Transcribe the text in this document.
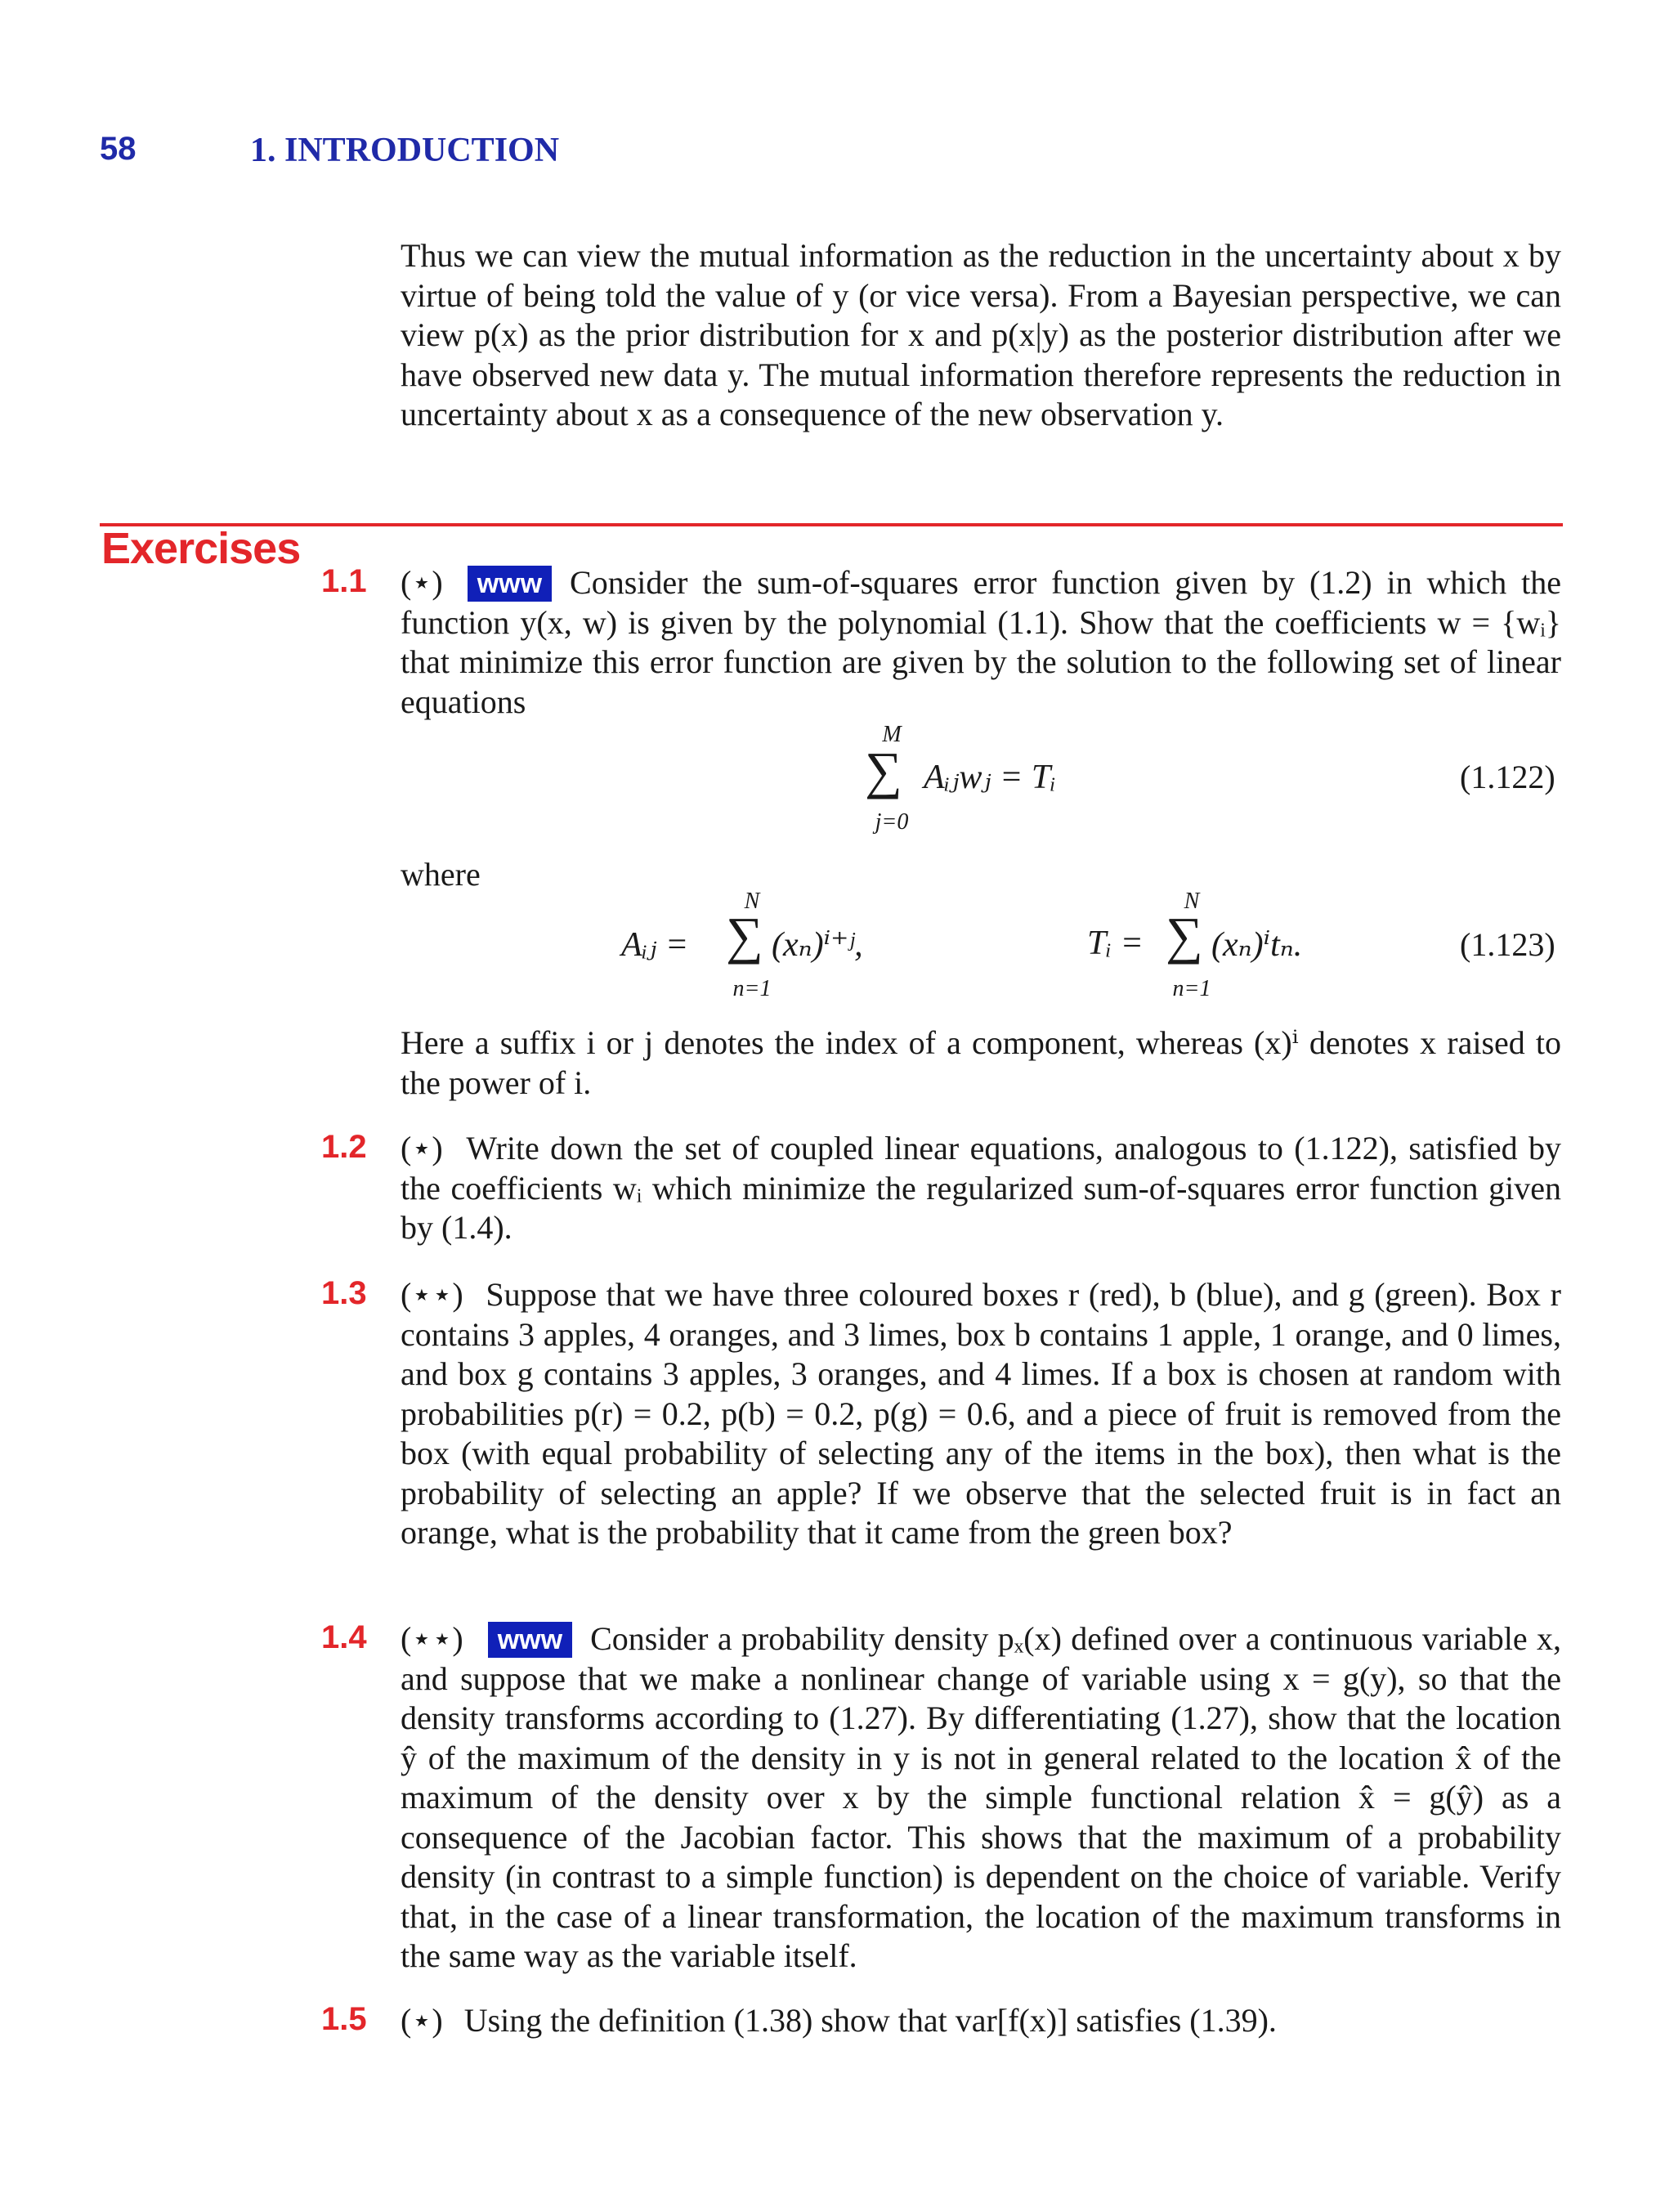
58	1. INTRODUCTION

Thus we can view the mutual information as the reduction in the uncertainty about x by virtue of being told the value of y (or vice versa). From a Bayesian perspective, we can view p(x) as the prior distribution for x and p(x|y) as the posterior distribution after we have observed new data y. The mutual information therefore represents the reduction in uncertainty about x as a consequence of the new observation y.

Exercises
1.1 (⋆) www Consider the sum-of-squares error function given by (1.2) in which the function y(x, w) is given by the polynomial (1.1). Show that the coefficients w = {wᵢ} that minimize this error function are given by the solution to the following set of linear equations

M
∑
j=0
Aᵢⱼwⱼ = Tᵢ	(1.122)
where
Aᵢⱼ =
N
∑
n=1
(xₙ)ⁱ⁺ʲ,	Tᵢ =
N
∑
n=1
(xₙ)ⁱtₙ.	(1.123)

Here a suffix i or j denotes the index of a component, whereas (x)ⁱ denotes x raised to the power of i.

1.2 (⋆) Write down the set of coupled linear equations, analogous to (1.122), satisfied by the coefficients wᵢ which minimize the regularized sum-of-squares error function given by (1.4).

1.3 (⋆⋆) Suppose that we have three coloured boxes r (red), b (blue), and g (green). Box r contains 3 apples, 4 oranges, and 3 limes, box b contains 1 apple, 1 orange, and 0 limes, and box g contains 3 apples, 3 oranges, and 4 limes. If a box is chosen at random with probabilities p(r) = 0.2, p(b) = 0.2, p(g) = 0.6, and a piece of fruit is removed from the box (with equal probability of selecting any of the items in the box), then what is the probability of selecting an apple? If we observe that the selected fruit is in fact an orange, what is the probability that it came from the green box?

1.4 (⋆⋆) www Consider a probability density pₓ(x) defined over a continuous variable x, and suppose that we make a nonlinear change of variable using x = g(y), so that the density transforms according to (1.27). By differentiating (1.27), show that the location ŷ of the maximum of the density in y is not in general related to the location x̂ of the maximum of the density over x by the simple functional relation x̂ = g(ŷ) as a consequence of the Jacobian factor. This shows that the maximum of a probability density (in contrast to a simple function) is dependent on the choice of variable. Verify that, in the case of a linear transformation, the location of the maximum transforms in the same way as the variable itself.

1.5 (⋆) Using the definition (1.38) show that var[f(x)] satisfies (1.39).
